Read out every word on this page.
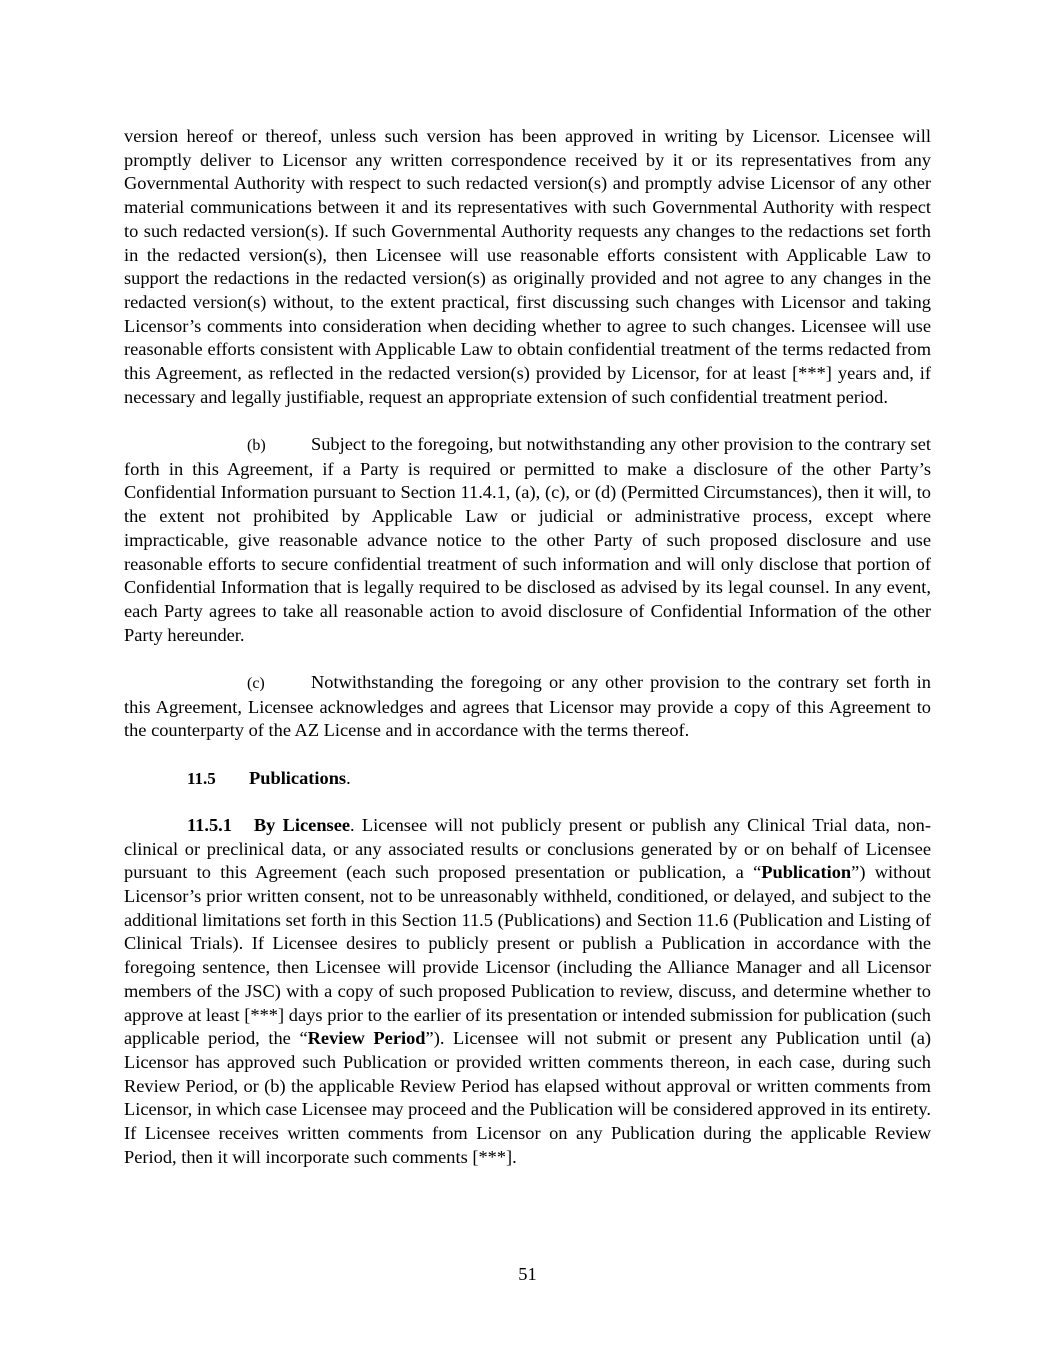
version hereof or thereof, unless such version has been approved in writing by Licensor. Licensee will promptly deliver to Licensor any written correspondence received by it or its representatives from any Governmental Authority with respect to such redacted version(s) and promptly advise Licensor of any other material communications between it and its representatives with such Governmental Authority with respect to such redacted version(s). If such Governmental Authority requests any changes to the redactions set forth in the redacted version(s), then Licensee will use reasonable efforts consistent with Applicable Law to support the redactions in the redacted version(s) as originally provided and not agree to any changes in the redacted version(s) without, to the extent practical, first discussing such changes with Licensor and taking Licensor’s comments into consideration when deciding whether to agree to such changes. Licensee will use reasonable efforts consistent with Applicable Law to obtain confidential treatment of the terms redacted from this Agreement, as reflected in the redacted version(s) provided by Licensor, for at least [***] years and, if necessary and legally justifiable, request an appropriate extension of such confidential treatment period.

(b) Subject to the foregoing, but notwithstanding any other provision to the contrary set forth in this Agreement, if a Party is required or permitted to make a disclosure of the other Party’s Confidential Information pursuant to Section 11.4.1, (a), (c), or (d) (Permitted Circumstances), then it will, to the extent not prohibited by Applicable Law or judicial or administrative process, except where impracticable, give reasonable advance notice to the other Party of such proposed disclosure and use reasonable efforts to secure confidential treatment of such information and will only disclose that portion of Confidential Information that is legally required to be disclosed as advised by its legal counsel. In any event, each Party agrees to take all reasonable action to avoid disclosure of Confidential Information of the other Party hereunder.

(c)	Notwithstanding the foregoing or any other provision to the contrary set forth in this Agreement, Licensee acknowledges and agrees that Licensor may provide a copy of this Agreement to the counterparty of the AZ License and in accordance with the terms thereof.

11.5 Publications.

11.5.1 By Licensee. Licensee will not publicly present or publish any Clinical Trial data, non-clinical or preclinical data, or any associated results or conclusions generated by or on behalf of Licensee pursuant to this Agreement (each such proposed presentation or publication, a “Publication”) without Licensor’s prior written consent, not to be unreasonably withheld, conditioned, or delayed, and subject to the additional limitations set forth in this Section 11.5 (Publications) and Section 11.6 (Publication and Listing of Clinical Trials). If Licensee desires to publicly present or publish a Publication in accordance with the foregoing sentence, then Licensee will provide Licensor (including the Alliance Manager and all Licensor members of the JSC) with a copy of such proposed Publication to review, discuss, and determine whether to approve at least [***] days prior to the earlier of its presentation or intended submission for publication (such applicable period, the “Review Period”). Licensee will not submit or present any Publication until (a) Licensor has approved such Publication or provided written comments thereon, in each case, during such Review Period, or (b) the applicable Review Period has elapsed without approval or written comments from Licensor, in which case Licensee may proceed and the Publication will be considered approved in its entirety. If Licensee receives written comments from Licensor on any Publication during the applicable Review Period, then it will incorporate such comments [***].

51
